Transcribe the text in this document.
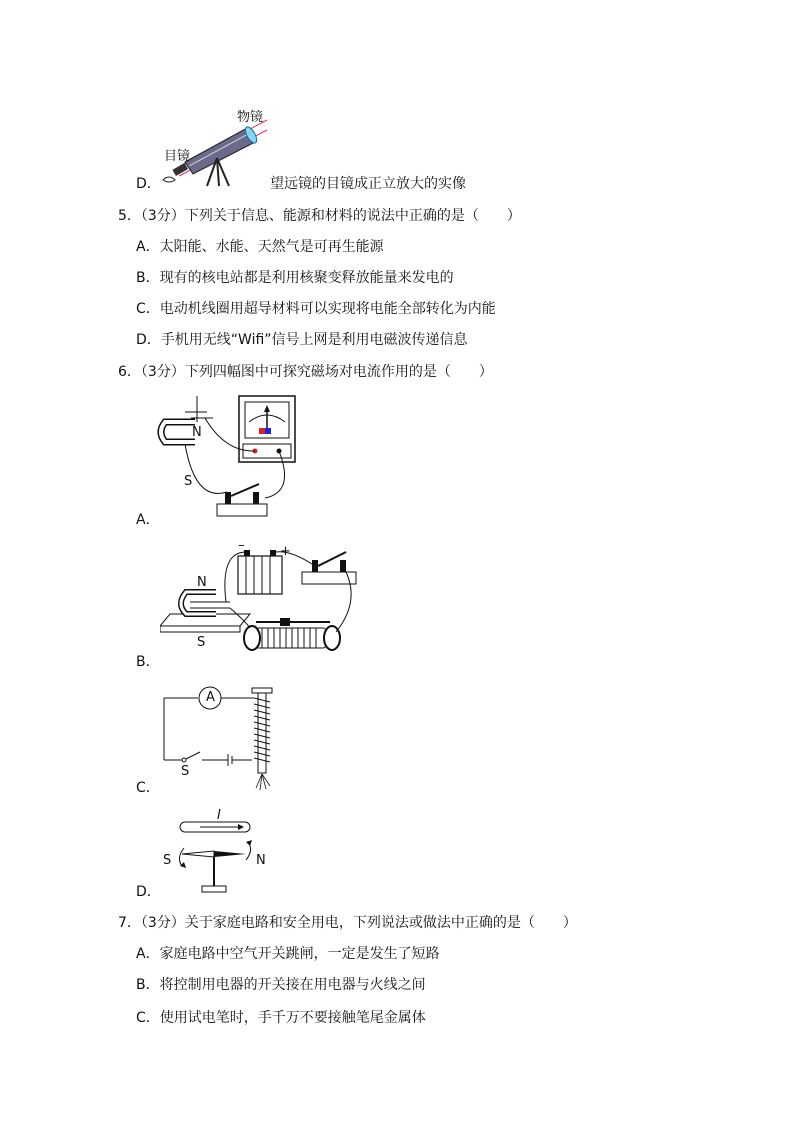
物镜
目镜
D．	望远镜的目镜成正立放大的实像
5．（3分）下列关于信息、能源和材料的说法中正确的是（　　）
A．太阳能、水能、天然气是可再生能源
B．现有的核电站都是利用核聚变释放能量来发电的
C．电动机线圈用超导材料可以实现将电能全部转化为内能
D．手机用无线“Wifi”信号上网是利用电磁波传递信息
6．（3分）下列四幅图中可探究磁场对电流作用的是（　　）
N
S
A．
–	+
N
S
B．
A
S
C．
I
S	N
D．
7．（3分）关于家庭电路和安全用电，下列说法或做法中正确的是（　　）
A．家庭电路中空气开关跳闸，一定是发生了短路
B．将控制用电器的开关接在用电器与火线之间
C．使用试电笔时，手千万不要接触笔尾金属体
